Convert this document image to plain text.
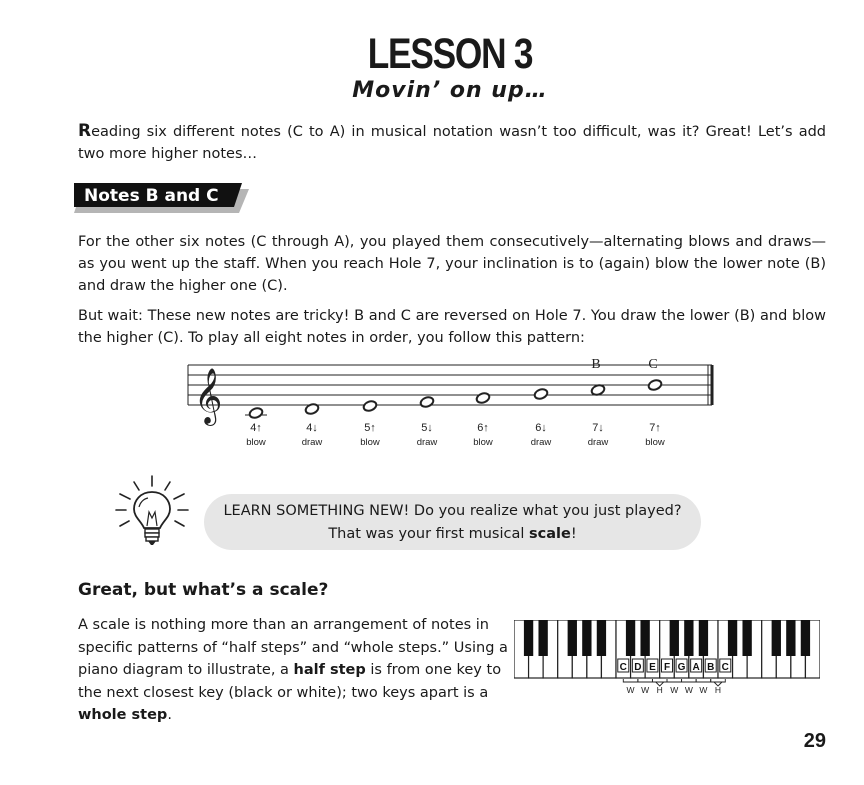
LESSON 3
Movin’ on up…
Reading six different notes (C to A) in musical notation wasn’t too difficult, was it? Great! Let’s add two more higher notes…
Notes B and C
For the other six notes (C through A), you played them consecutively—alternating blows and draws—as you went up the staff. When you reach Hole 7, your inclination is to (again) blow the lower note (B) and draw the higher one (C).
But wait: These new notes are tricky! B and C are reversed on Hole 7. You draw the lower (B) and blow the higher (C). To play all eight notes in order, you follow this pattern:
𝄞
B	C
4↑
blow
4↓
draw
5↑
blow
5↓
draw
6↑
blow
6↓
draw
7↓
draw
7↑
blow
LEARN SOMETHING NEW! Do you realize what you just played?
That was your first musical scale!
Great, but what’s a scale?
A scale is nothing more than an arrangement of notes in specific patterns of “half steps” and “whole steps.” Using a piano diagram to illustrate, a half step is from one key to the next closest key (black or white); two keys apart is a whole step.
C D E F G A B C
W W H W W W H
29
